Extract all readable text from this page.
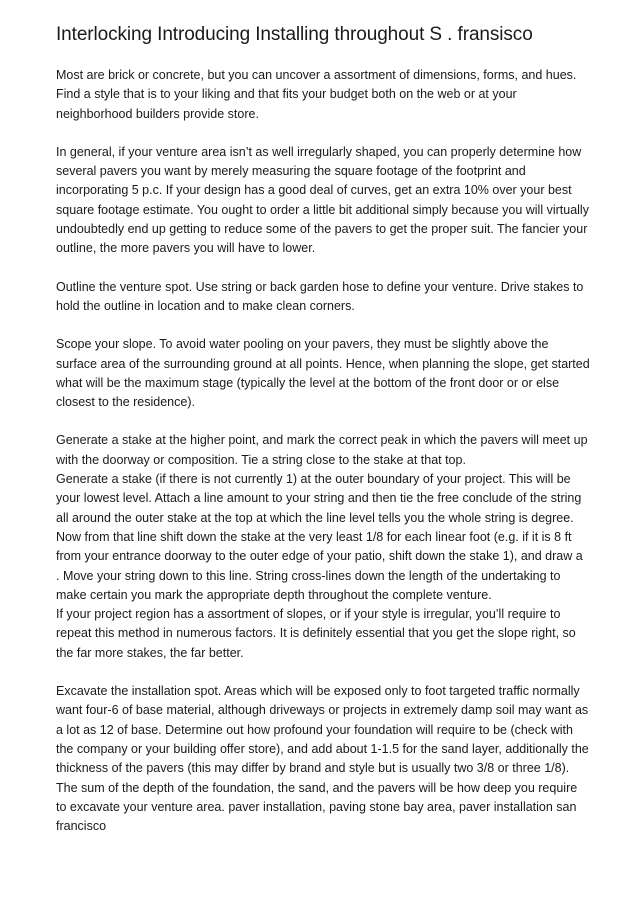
Interlocking Introducing Installing throughout S . fransisco
Most are brick or concrete, but you can uncover a assortment of dimensions, forms, and hues. Find a style that is to your liking and that fits your budget both on the web or at your neighborhood builders provide store.
In general, if your venture area isn’t as well irregularly shaped, you can properly determine how several pavers you want by merely measuring the square footage of the footprint and incorporating 5 p.c. If your design has a good deal of curves, get an extra 10% over your best square footage estimate. You ought to order a little bit additional simply because you will virtually undoubtedly end up getting to reduce some of the pavers to get the proper suit. The fancier your outline, the more pavers you will have to lower.
Outline the venture spot. Use string or back garden hose to define your venture. Drive stakes to hold the outline in location and to make clean corners.
Scope your slope. To avoid water pooling on your pavers, they must be slightly above the surface area of the surrounding ground at all points. Hence, when planning the slope, get started what will be the maximum stage (typically the level at the bottom of the front door or or else closest to the residence).
Generate a stake at the higher point, and mark the correct peak in which the pavers will meet up with the doorway or composition. Tie a string close to the stake at that top.
Generate a stake (if there is not currently 1) at the outer boundary of your project. This will be your lowest level. Attach a line amount to your string and then tie the free conclude of the string all around the outer stake at the top at which the line level tells you the whole string is degree. Now from that line shift down the stake at the very least 1/8 for each linear foot (e.g. if it is 8 ft from your entrance doorway to the outer edge of your patio, shift down the stake 1), and draw a
. Move your string down to this line. String cross-lines down the length of the undertaking to make certain you mark the appropriate depth throughout the complete venture.
If your project region has a assortment of slopes, or if your style is irregular, you’ll require to repeat this method in numerous factors. It is definitely essential that you get the slope right, so the far more stakes, the far better.
Excavate the installation spot. Areas which will be exposed only to foot targeted traffic normally want four-6 of base material, although driveways or projects in extremely damp soil may want as a lot as 12 of base. Determine out how profound your foundation will require to be (check with the company or your building offer store), and add about 1-1.5 for the sand layer, additionally the thickness of the pavers (this may differ by brand and style but is usually two 3/8 or three 1/8). The sum of the depth of the foundation, the sand, and the pavers will be how deep you require to excavate your venture area. paver installation, paving stone bay area, paver installation san francisco
